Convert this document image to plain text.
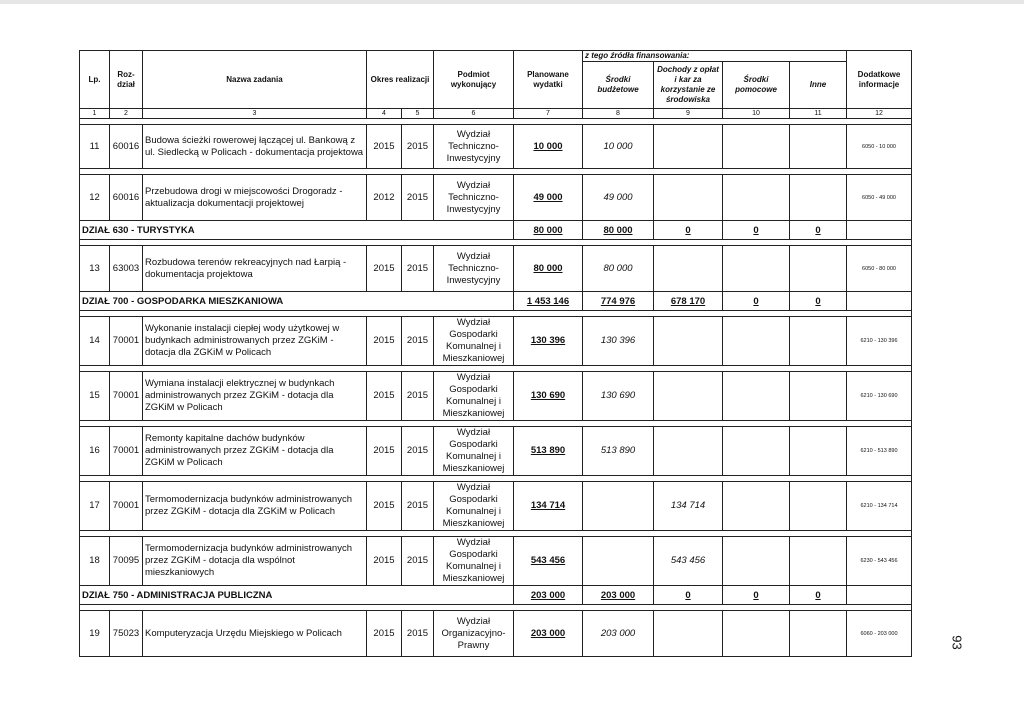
Lp.	Roz-dział	Nazwa zadania	Okres realizacji		Podmiot wykonujący	Planowane wydatki	z tego źródła finansowania:				Dodatkowe informacje
							Środki budżetowe	Dochody z opłat i kar za korzystanie ze środowiska	Środki pomocowe	Inne	
1	2	3	4	5	6	7	8	9	10	11	12

11	60016	Budowa ścieżki rowerowej łączącej ul. Bankową z ul. Siedlecką w Policach - dokumentacja projektowa	2015	2015	Wydział Techniczno-Inwestycyjny	10 000	10 000				6050 - 10 000

12	60016	Przebudowa drogi w miejscowości Drogoradz - aktualizacja dokumentacji projektowej	2012	2015	Wydział Techniczno-Inwestycyjny	49 000	49 000				6050 - 49 000
DZIAŁ 630 - TURYSTYKA						80 000	80 000	0	0	0	

13	63003	Rozbudowa terenów rekreacyjnych nad Łarpią - dokumentacja projektowa	2015	2015	Wydział Techniczno-Inwestycyjny	80 000	80 000				6050 - 80 000
DZIAŁ 700 - GOSPODARKA MIESZKANIOWA						1 453 146	774 976	678 170	0	0	

14	70001	Wykonanie instalacji ciepłej wody użytkowej w budynkach administrowanych przez ZGKiM - dotacja dla ZGKiM w Policach	2015	2015	Wydział Gospodarki Komunalnej i Mieszkaniowej	130 396	130 396				6210 - 130 396

15	70001	Wymiana instalacji elektrycznej w budynkach administrowanych przez ZGKiM - dotacja dla ZGKiM w Policach	2015	2015	Wydział Gospodarki Komunalnej i Mieszkaniowej	130 690	130 690				6210 - 130 690

16	70001	Remonty kapitalne dachów budynków administrowanych przez ZGKiM - dotacja dla ZGKiM w Policach	2015	2015	Wydział Gospodarki Komunalnej i Mieszkaniowej	513 890	513 890				6210 - 513 890

17	70001	Termomodernizacja budynków administrowanych przez ZGKiM - dotacja dla ZGKiM w Policach	2015	2015	Wydział Gospodarki Komunalnej i Mieszkaniowej	134 714		134 714			6210 - 134 714

18	70095	Termomodernizacja budynków administrowanych przez ZGKiM - dotacja dla wspólnot mieszkaniowych	2015	2015	Wydział Gospodarki Komunalnej i Mieszkaniowej	543 456		543 456			6230 - 543 456
DZIAŁ 750 - ADMINISTRACJA PUBLICZNA						203 000	203 000	0	0	0	

19	75023	Komputeryzacja Urzędu Miejskiego w Policach	2015	2015	Wydział Organizacyjno-Prawny	203 000	203 000				6060 - 203 000
93
